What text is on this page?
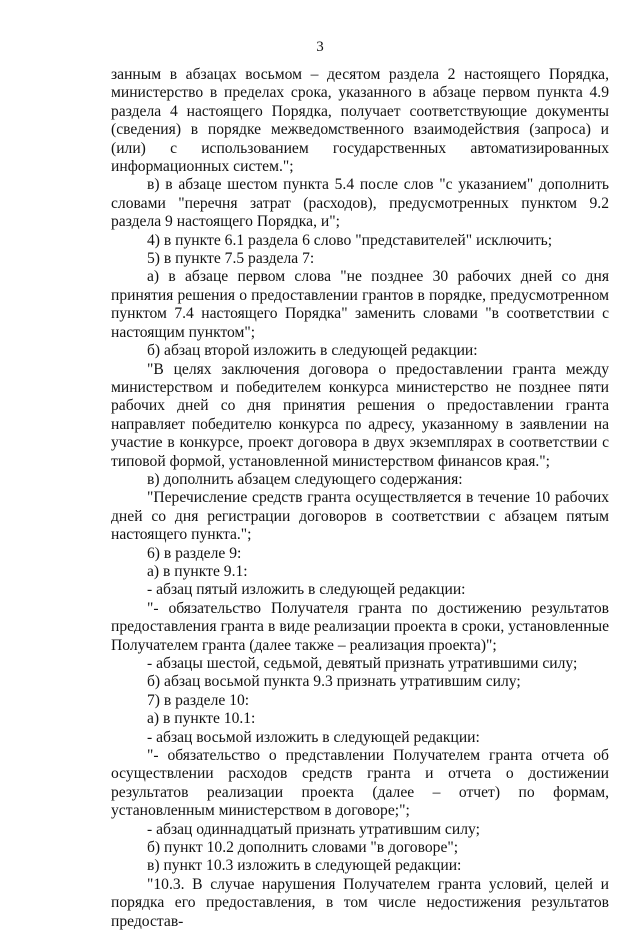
3

занным в абзацах восьмом – десятом раздела 2 настоящего Порядка, министерство в пределах срока, указанного в абзаце первом пункта 4.9 раздела 4 настоящего Порядка, получает соответствующие документы (сведения) в порядке межведомственного взаимодействия (запроса) и (или) с использованием государственных автоматизированных информационных систем.";

в) в абзаце шестом пункта 5.4 после слов "с указанием" дополнить словами "перечня затрат (расходов), предусмотренных пунктом 9.2 раздела 9 настоящего Порядка, и";

4) в пункте 6.1 раздела 6 слово "представителей" исключить;

5) в пункте 7.5 раздела 7:

а) в абзаце первом слова "не позднее 30 рабочих дней со дня принятия решения о предоставлении грантов в порядке, предусмотренном пунктом 7.4 настоящего Порядка" заменить словами "в соответствии с настоящим пунктом";

б) абзац второй изложить в следующей редакции:

"В целях заключения договора о предоставлении гранта между министерством и победителем конкурса министерство не позднее пяти рабочих дней со дня принятия решения о предоставлении гранта направляет победителю конкурса по адресу, указанному в заявлении на участие в конкурсе, проект договора в двух экземплярах в соответствии с типовой формой, установленной министерством финансов края.";

в) дополнить абзацем следующего содержания:

"Перечисление средств гранта осуществляется в течение 10 рабочих дней со дня регистрации договоров в соответствии с абзацем пятым настоящего пункта.";

6) в разделе 9:

а) в пункте 9.1:

- абзац пятый изложить в следующей редакции:

"- обязательство Получателя гранта по достижению результатов предоставления гранта в виде реализации проекта в сроки, установленные Получателем гранта (далее также – реализация проекта)";

- абзацы шестой, седьмой, девятый признать утратившими силу;

б) абзац восьмой пункта 9.3 признать утратившим силу;

7) в разделе 10:

а) в пункте 10.1:

- абзац восьмой изложить в следующей редакции:

"- обязательство о представлении Получателем гранта отчета об осуществлении расходов средств гранта и отчета о достижении результатов реализации проекта (далее – отчет) по формам, установленным министерством в договоре;";

- абзац одиннадцатый признать утратившим силу;

б) пункт 10.2 дополнить словами "в договоре";

в) пункт 10.3 изложить в следующей редакции:

"10.3. В случае нарушения Получателем гранта условий, целей и порядка его предоставления, в том числе недостижения результатов предостав-
